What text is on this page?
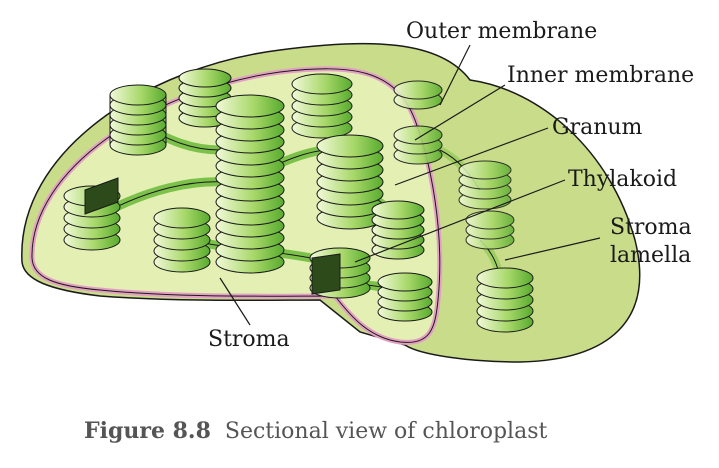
Outer membrane
Inner membrane
Granum
Thylakoid
Stroma
lamella
Stroma
Figure 8.8 Sectional view of chloroplast
